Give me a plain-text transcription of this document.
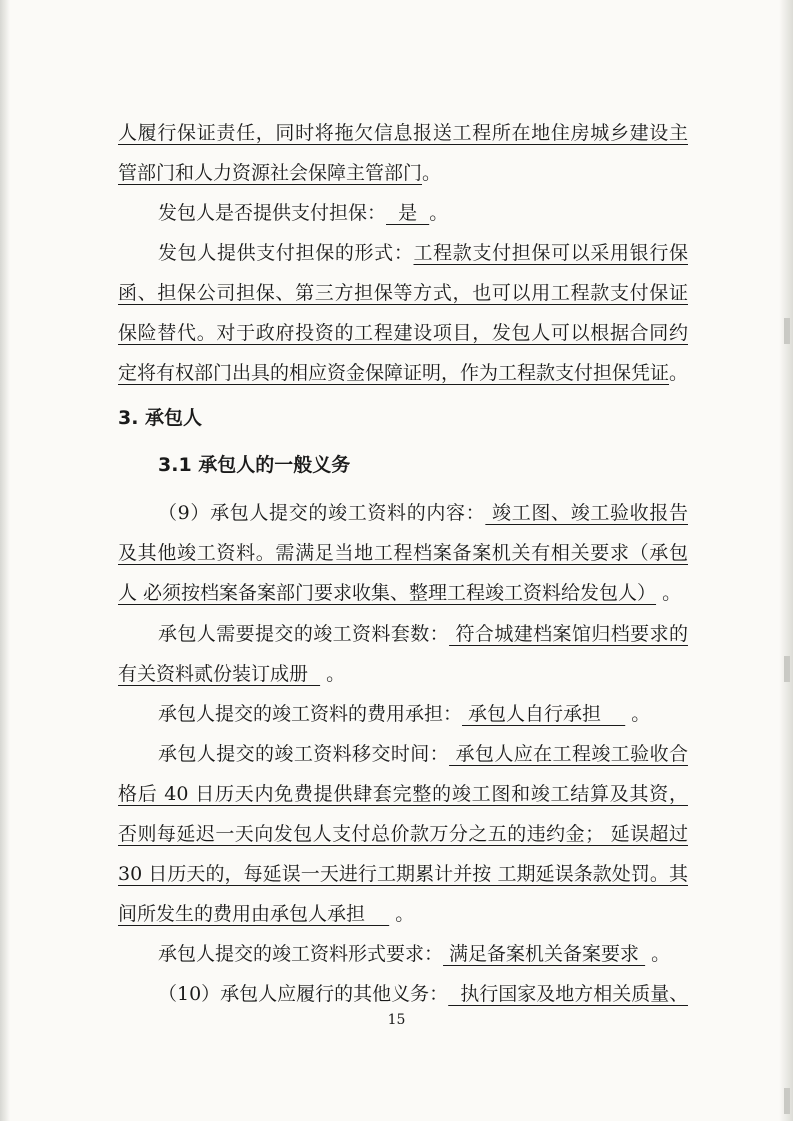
人履行保证责任，同时将拖欠信息报送工程所在地住房城乡建设主
管部门和人力资源社会保障主管部门。
发包人是否提供支付担保：  是  。
发包人提供支付担保的形式：工程款支付担保可以采用银行保
函、担保公司担保、第三方担保等方式，也可以用工程款支付保证
保险替代。对于政府投资的工程建设项目，发包人可以根据合同约
定将有权部门出具的相应资金保障证明，作为工程款支付担保凭证。
3. 承包人
3.1 承包人的一般义务
（9）承包人提交的竣工资料的内容： 竣工图、竣工验收报告
及其他竣工资料。需满足当地工程档案备案机关有相关要求（承包
人 必须按档案备案部门要求收集、整理工程竣工资料给发包人） 。
承包人需要提交的竣工资料套数： 符合城建档案馆归档要求的
有关资料贰份装订成册   。
承包人提交的竣工资料的费用承担： 承包人自行承担     。
承包人提交的竣工资料移交时间： 承包人应在工程竣工验收合
格后 40 日历天内免费提供肆套完整的竣工图和竣工结算及其资，
否则每延迟一天向发包人支付总价款万分之五的违约金； 延误超过
30 日历天的，每延误一天进行工期累计并按 工期延误条款处罚。其
间所发生的费用由承包人承担     。
承包人提交的竣工资料形式要求： 满足备案机关备案要求  。
（10）承包人应履行的其他义务：  执行国家及地方相关质量、
15
